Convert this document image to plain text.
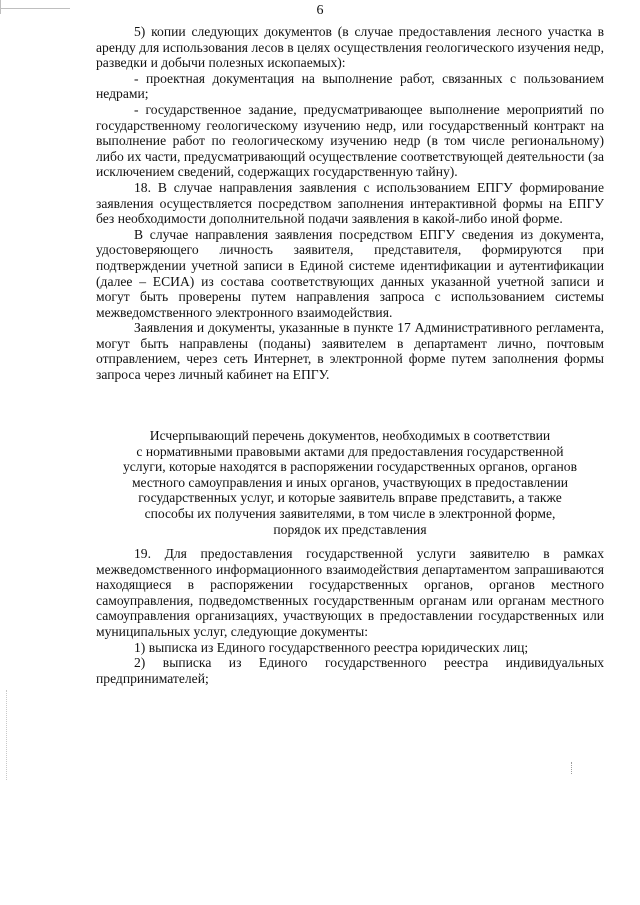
6

5) копии следующих документов (в случае предоставления лесного участка в аренду для использования лесов в целях осуществления геологического изучения недр, разведки и добычи полезных ископаемых):

- проектная документация на выполнение работ, связанных с пользованием недрами;

- государственное задание, предусматривающее выполнение мероприятий по государственному геологическому изучению недр, или государственный контракт на выполнение работ по геологическому изучению недр (в том числе региональному) либо их части, предусматривающий осуществление соответствующей деятельности (за исключением сведений, содержащих государственную тайну).

18. В случае направления заявления с использованием ЕПГУ формирование заявления осуществляется посредством заполнения интерактивной формы на ЕПГУ без необходимости дополнительной подачи заявления в какой-либо иной форме.

В случае направления заявления посредством ЕПГУ сведения из документа, удостоверяющего личность заявителя, представителя, формируются при подтверждении учетной записи в Единой системе идентификации и аутентификации (далее – ЕСИА) из состава соответствующих данных указанной учетной записи и могут быть проверены путем направления запроса с использованием системы межведомственного электронного взаимодействия.

Заявления и документы, указанные в пункте 17 Административного регламента, могут быть направлены (поданы) заявителем в департамент лично, почтовым отправлением, через сеть Интернет, в электронной форме путем заполнения формы запроса через личный кабинет на ЕПГУ.

Исчерпывающий перечень документов, необходимых в соответствии

с нормативными правовыми актами для предоставления государственной

услуги, которые находятся в распоряжении государственных органов, органов

местного самоуправления и иных органов, участвующих в предоставлении

государственных услуг, и которые заявитель вправе представить, а также

способы их получения заявителями, в том числе в электронной форме,

порядок их представления

19. Для предоставления государственной услуги заявителю в рамках межведомственного информационного взаимодействия департаментом запрашиваются находящиеся в распоряжении государственных органов, органов местного самоуправления, подведомственных государственным органам или органам местного самоуправления организациях, участвующих в предоставлении государственных или муниципальных услуг, следующие документы:

1) выписка из Единого государственного реестра юридических лиц;

2) выписка из Единого государственного реестра индивидуальных предпринимателей;
